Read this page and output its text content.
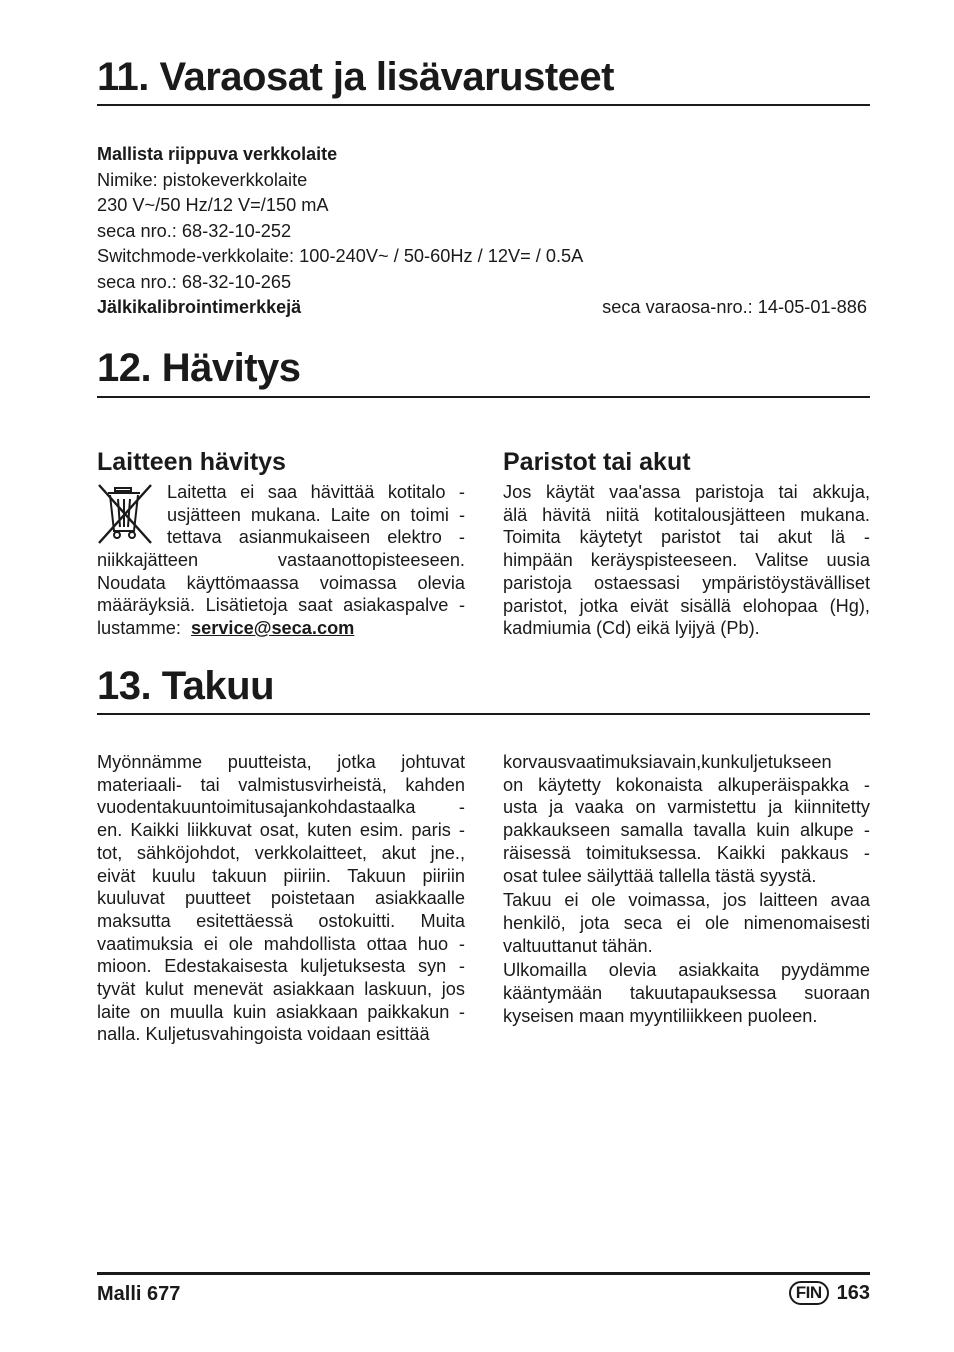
11. Varaosat ja lisävarusteet
Mallista riippuva verkkolaite
Nimike: pistokeverkkolaite
230 V~/50 Hz/12 V=/150 mA
seca nro.: 68-32-10-252
Switchmode-verkkolaite: 100-240V~ / 50-60Hz / 12V= / 0.5A
seca nro.: 68-32-10-265
Jälkikalibrointimerkkejä	seca varaosa-nro.: 14-05-01-886
12. Hävitys
Laitteen hävitys
Laitetta ei saa hävittää kotitalo -
usjätteen mukana. Laite on toimi -
tettava asianmukaiseen elektro -
niikkajätteen vastaanottopisteeseen.
Noudata käyttömaassa voimassa olevia
määräyksiä. Lisätietoja saat asiakaspalve -
lustamme: service@seca.com
Paristot tai akut
Jos käytät vaa'assa paristoja tai akkuja,
älä hävitä niitä kotitalousjätteen mukana.
Toimita käytetyt paristot tai akut lä -
himpään keräyspisteeseen. Valitse uusia
paristoja ostaessasi ympäristöystävälliset
paristot, jotka eivät sisällä elohopaa (Hg),
kadmiumia (Cd) eikä lyijyä (Pb).
13. Takuu
Myönnämme puutteista, jotka johtuvat
materiaali- tai valmistusvirheistä, kahden
vuodentakuuntoimitusajankohdastaalka -
en. Kaikki liikkuvat osat, kuten esim. paris -
tot, sähköjohdot, verkkolaitteet, akut jne.,
eivät kuulu takuun piiriin. Takuun piiriin
kuuluvat puutteet poistetaan asiakkaalle
maksutta esitettäessä ostokuitti. Muita
vaatimuksia ei ole mahdollista ottaa huo -
mioon. Edestakaisesta kuljetuksesta syn -
tyvät kulut menevät asiakkaan laskuun, jos
laite on muulla kuin asiakkaan paikkakun -
nalla. Kuljetusvahingoista voidaan esittää
korvausvaatimuksiavain,kunkuljetukseen
on käytetty kokonaista alkuperäispakka -
usta ja vaaka on varmistettu ja kiinnitetty
pakkaukseen samalla tavalla kuin alkupe -
räisessä toimituksessa. Kaikki pakkaus -
osat tulee säilyttää tallella tästä syystä.
Takuu ei ole voimassa, jos laitteen avaa
henkilö, jota seca ei ole nimenomaisesti
valtuuttanut tähän.
Ulkomailla olevia asiakkaita pyydämme
kääntymään takuutapauksessa suoraan
kyseisen maan myyntiliikkeen puoleen.
Malli 677	FIN 163
